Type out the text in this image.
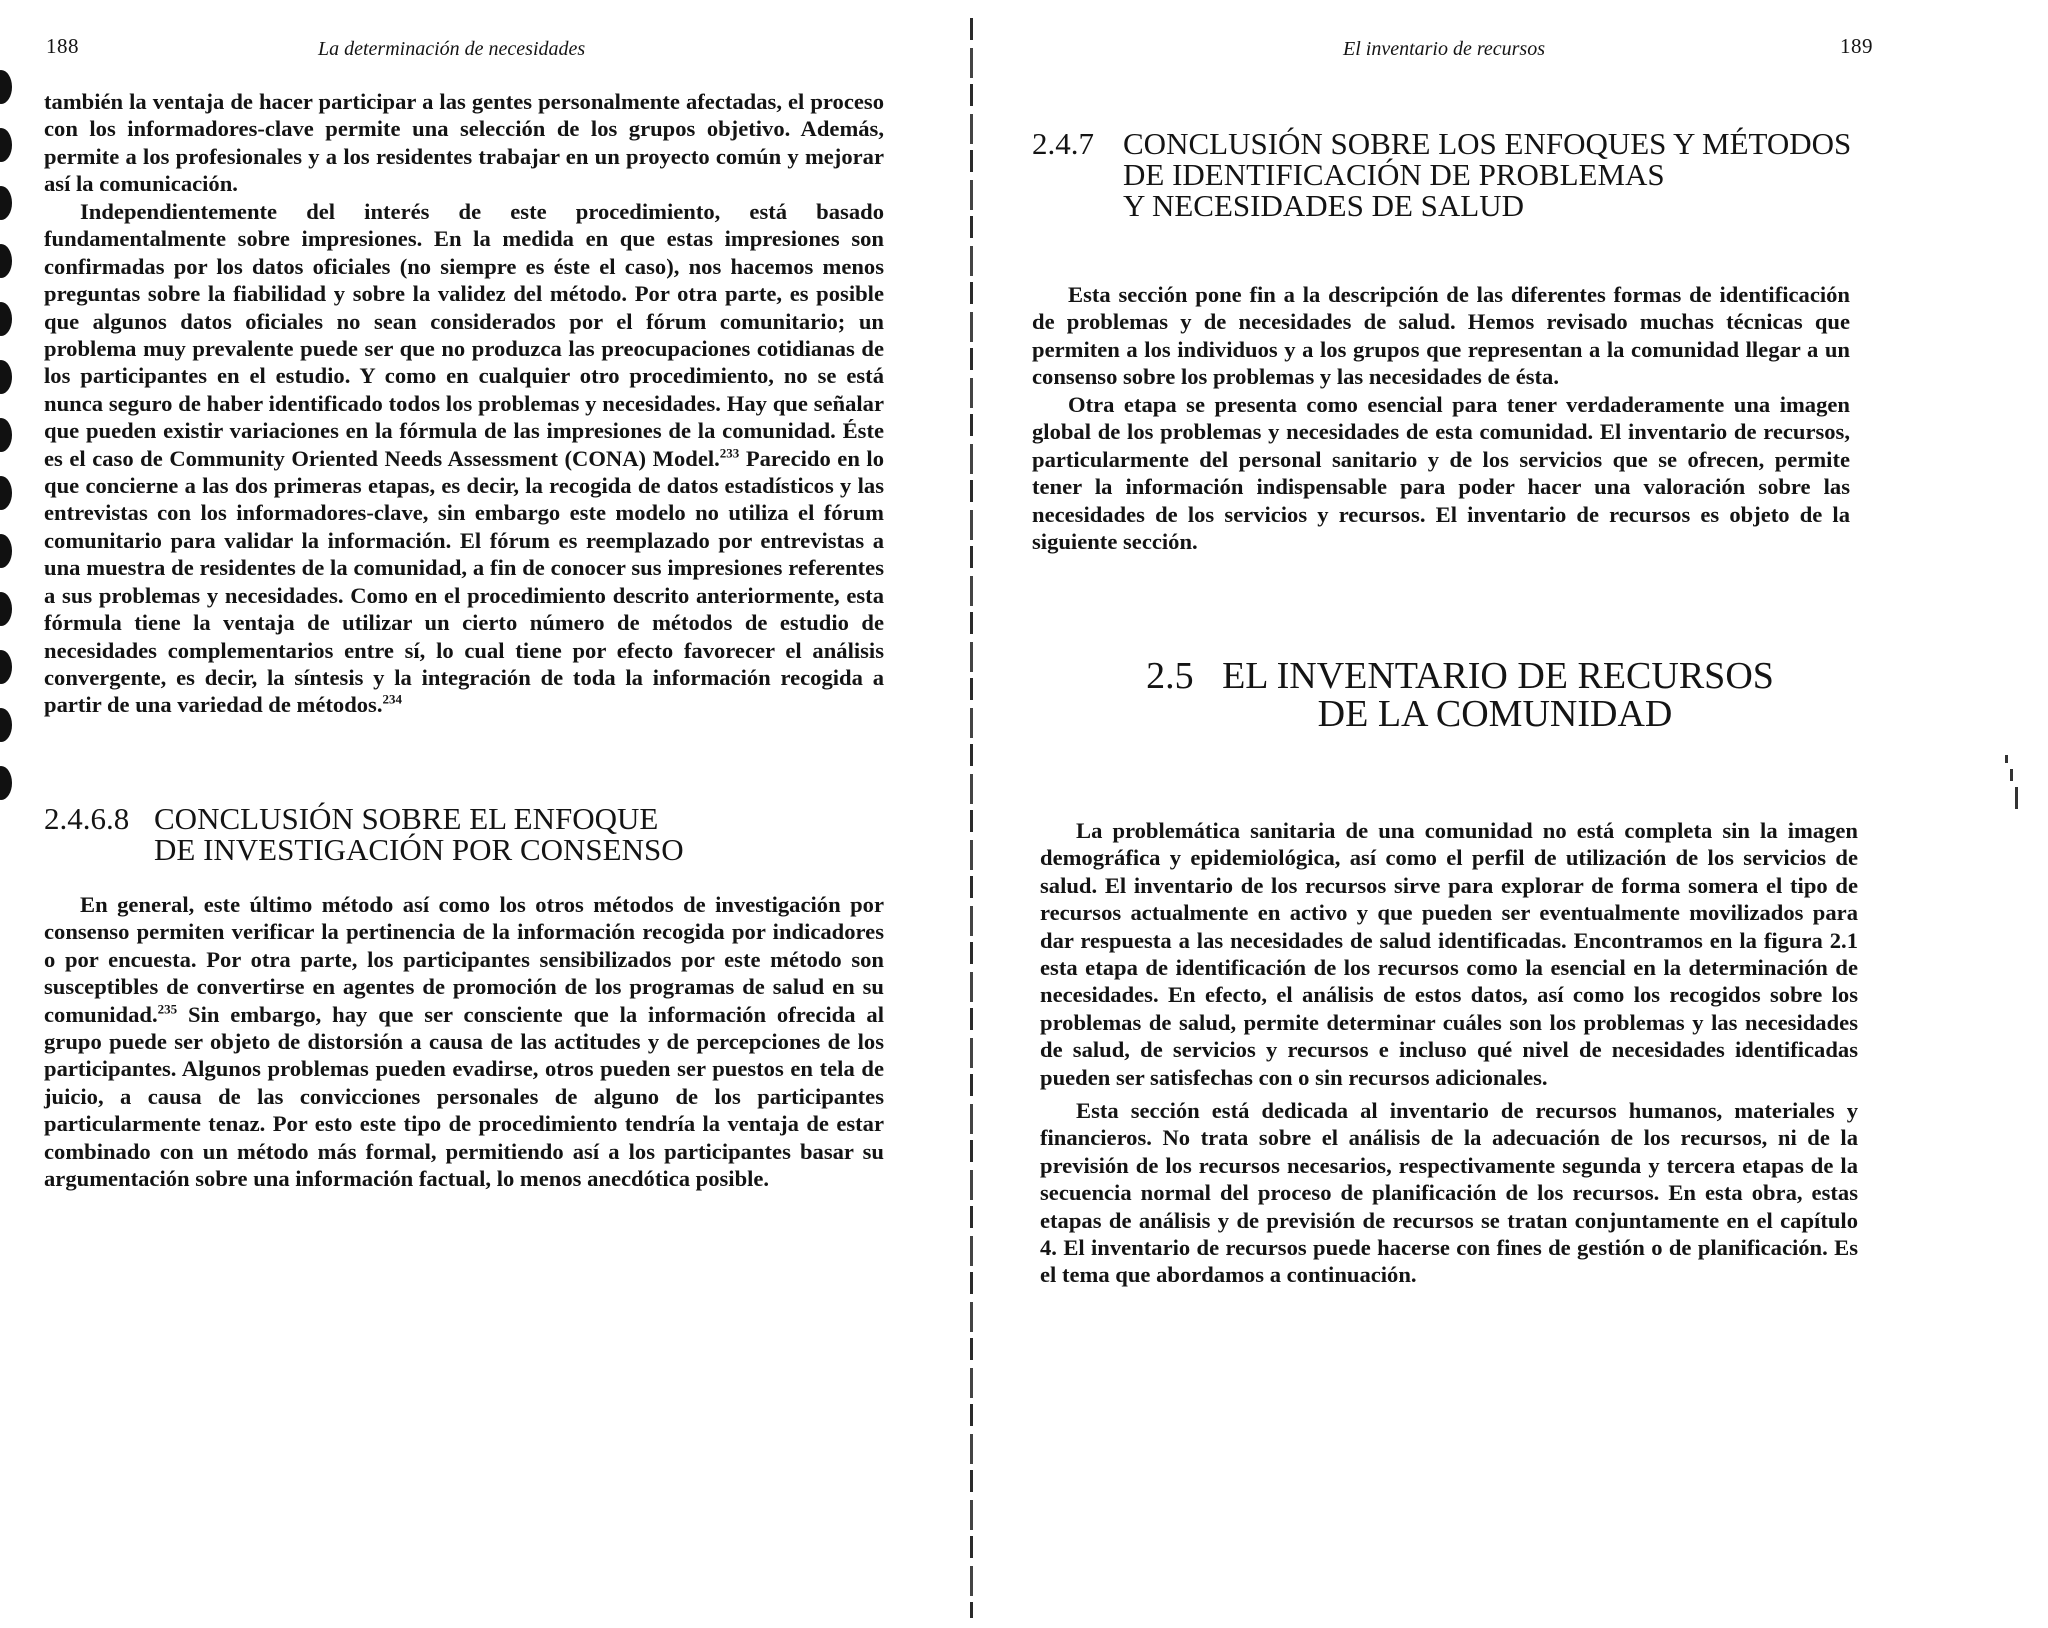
188	La determinación de necesidades

también la ventaja de hacer participar a las gentes personalmente afectadas, el proceso con los informadores-clave permite una selección de los grupos objetivo. Además, permite a los profesionales y a los residentes trabajar en un proyecto común y mejorar así la comunicación.

Independientemente del interés de este procedimiento, está basado fundamentalmente sobre impresiones. En la medida en que estas impresiones son confirmadas por los datos oficiales (no siempre es éste el caso), nos hacemos menos preguntas sobre la fiabilidad y sobre la validez del método. Por otra parte, es posible que algunos datos oficiales no sean considerados por el fórum comunitario; un problema muy prevalente puede ser que no produzca las preocupaciones cotidianas de los participantes en el estudio. Y como en cualquier otro procedimiento, no se está nunca seguro de haber identificado todos los problemas y necesidades. Hay que señalar que pueden existir variaciones en la fórmula de las impresiones de la comunidad. Éste es el caso de Community Oriented Needs Assessment (CONA) Model.$^{233}$ Parecido en lo que concierne a las dos primeras etapas, es decir, la recogida de datos estadísticos y las entrevistas con los informadores-clave, sin embargo este modelo no utiliza el fórum comunitario para validar la información. El fórum es reemplazado por entrevistas a una muestra de residentes de la comunidad, a fin de conocer sus impresiones referentes a sus problemas y necesidades. Como en el procedimiento descrito anteriormente, esta fórmula tiene la ventaja de utilizar un cierto número de métodos de estudio de necesidades complementarios entre sí, lo cual tiene por efecto favorecer el análisis convergente, es decir, la síntesis y la integración de toda la información recogida a partir de una variedad de métodos.$^{234}$

2.4.6.8 CONCLUSIÓN SOBRE EL ENFOQUE
DE INVESTIGACIÓN POR CONSENSO

En general, este último método así como los otros métodos de investigación por consenso permiten verificar la pertinencia de la información recogida por indicadores o por encuesta. Por otra parte, los participantes sensibilizados por este método son susceptibles de convertirse en agentes de promoción de los programas de salud en su comunidad.$^{235}$ Sin embargo, hay que ser consciente que la información ofrecida al grupo puede ser objeto de distorsión a causa de las actitudes y de percepciones de los participantes. Algunos problemas pueden evadirse, otros pueden ser puestos en tela de juicio, a causa de las convicciones personales de alguno de los participantes particularmente tenaz. Por esto este tipo de procedimiento tendría la ventaja de estar combinado con un método más formal, permitiendo así a los participantes basar su argumentación sobre una información factual, lo menos anecdótica posible.

El inventario de recursos	189
2.4.7 CONCLUSIÓN SOBRE LOS ENFOQUES Y MÉTODOS
DE IDENTIFICACIÓN DE PROBLEMAS
Y NECESIDADES DE SALUD

Esta sección pone fin a la descripción de las diferentes formas de identificación de problemas y de necesidades de salud. Hemos revisado muchas técnicas que permiten a los individuos y a los grupos que representan a la comunidad llegar a un consenso sobre los problemas y las necesidades de ésta.

Otra etapa se presenta como esencial para tener verdaderamente una imagen global de los problemas y necesidades de esta comunidad. El inventario de recursos, particularmente del personal sanitario y de los servicios que se ofrecen, permite tener la información indispensable para poder hacer una valoración sobre las necesidades de los servicios y recursos. El inventario de recursos es objeto de la siguiente sección.

2.5 EL INVENTARIO DE RECURSOS
DE LA COMUNIDAD

La problemática sanitaria de una comunidad no está completa sin la imagen demográfica y epidemiológica, así como el perfil de utilización de los servicios de salud. El inventario de los recursos sirve para explorar de forma somera el tipo de recursos actualmente en activo y que pueden ser eventualmente movilizados para dar respuesta a las necesidades de salud identificadas. Encontramos en la figura 2.1 esta etapa de identificación de los recursos como la esencial en la determinación de necesidades. En efecto, el análisis de estos datos, así como los recogidos sobre los problemas de salud, permite determinar cuáles son los problemas y las necesidades de salud, de servicios y recursos e incluso qué nivel de necesidades identificadas pueden ser satisfechas con o sin recursos adicionales.

Esta sección está dedicada al inventario de recursos humanos, materiales y financieros. No trata sobre el análisis de la adecuación de los recursos, ni de la previsión de los recursos necesarios, respectivamente segunda y tercera etapas de la secuencia normal del proceso de planificación de los recursos. En esta obra, estas etapas de análisis y de previsión de recursos se tratan conjuntamente en el capítulo 4. El inventario de recursos puede hacerse con fines de gestión o de planificación. Es el tema que abordamos a continuación.
